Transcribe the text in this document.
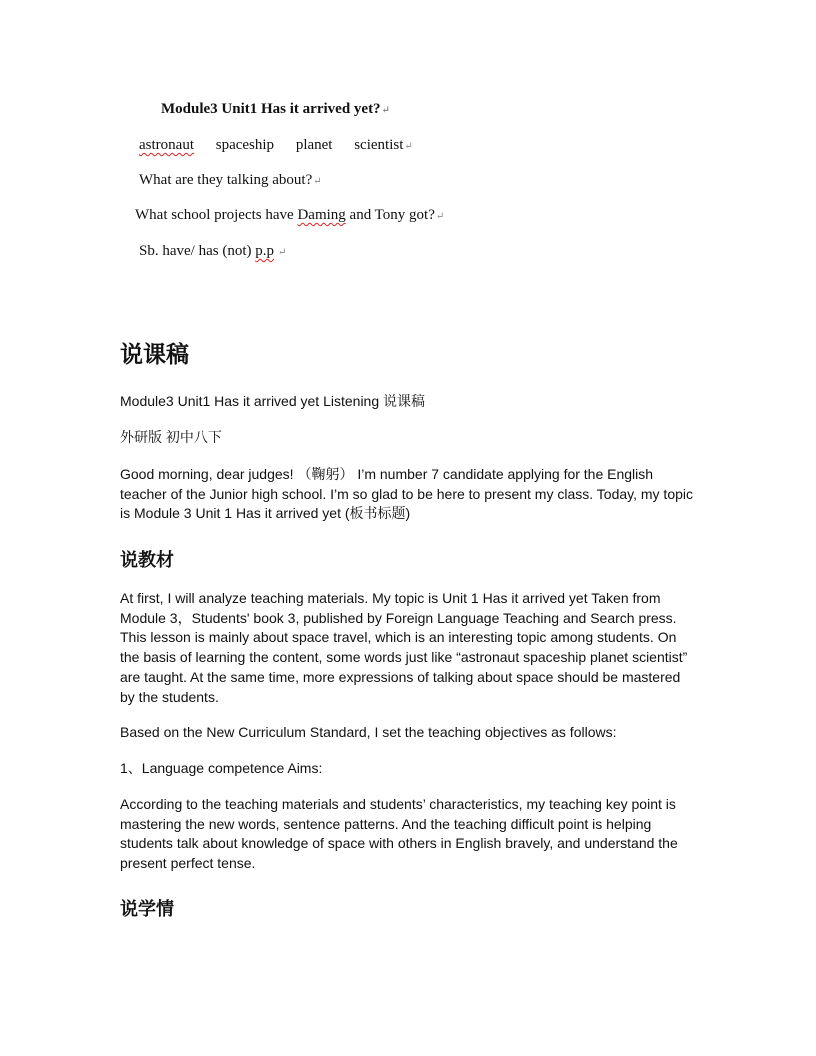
Module3 Unit1 Has it arrived yet?↵
astronaut spaceship planet scientist↵
What are they talking about?↵
What school projects have Daming and Tony got?↵
Sb. have/ has (not) p.p ↵
说课稿
Module3 Unit1 Has it arrived yet Listening 说课稿
外研版 初中八下
Good morning, dear judges! （鞠躬） I’m number 7 candidate applying for the English teacher of the Junior high school. I’m so glad to be here to present my class. Today, my topic is Module 3 Unit 1 Has it arrived yet (板书标题)
说教材
At first, I will analyze teaching materials. My topic is Unit 1 Has it arrived yet Taken from Module 3，Students' book 3, published by Foreign Language Teaching and Search press. This lesson is mainly about space travel, which is an interesting topic among students. On the basis of learning the content, some words just like “astronaut spaceship planet scientist” are taught. At the same time, more expressions of talking about space should be mastered by the students.
Based on the New Curriculum Standard, I set the teaching objectives as follows:
1、Language competence Aims:
According to the teaching materials and students’ characteristics, my teaching key point is mastering the new words, sentence patterns. And the teaching difficult point is helping students talk about knowledge of space with others in English bravely, and understand the present perfect tense.
说学情
